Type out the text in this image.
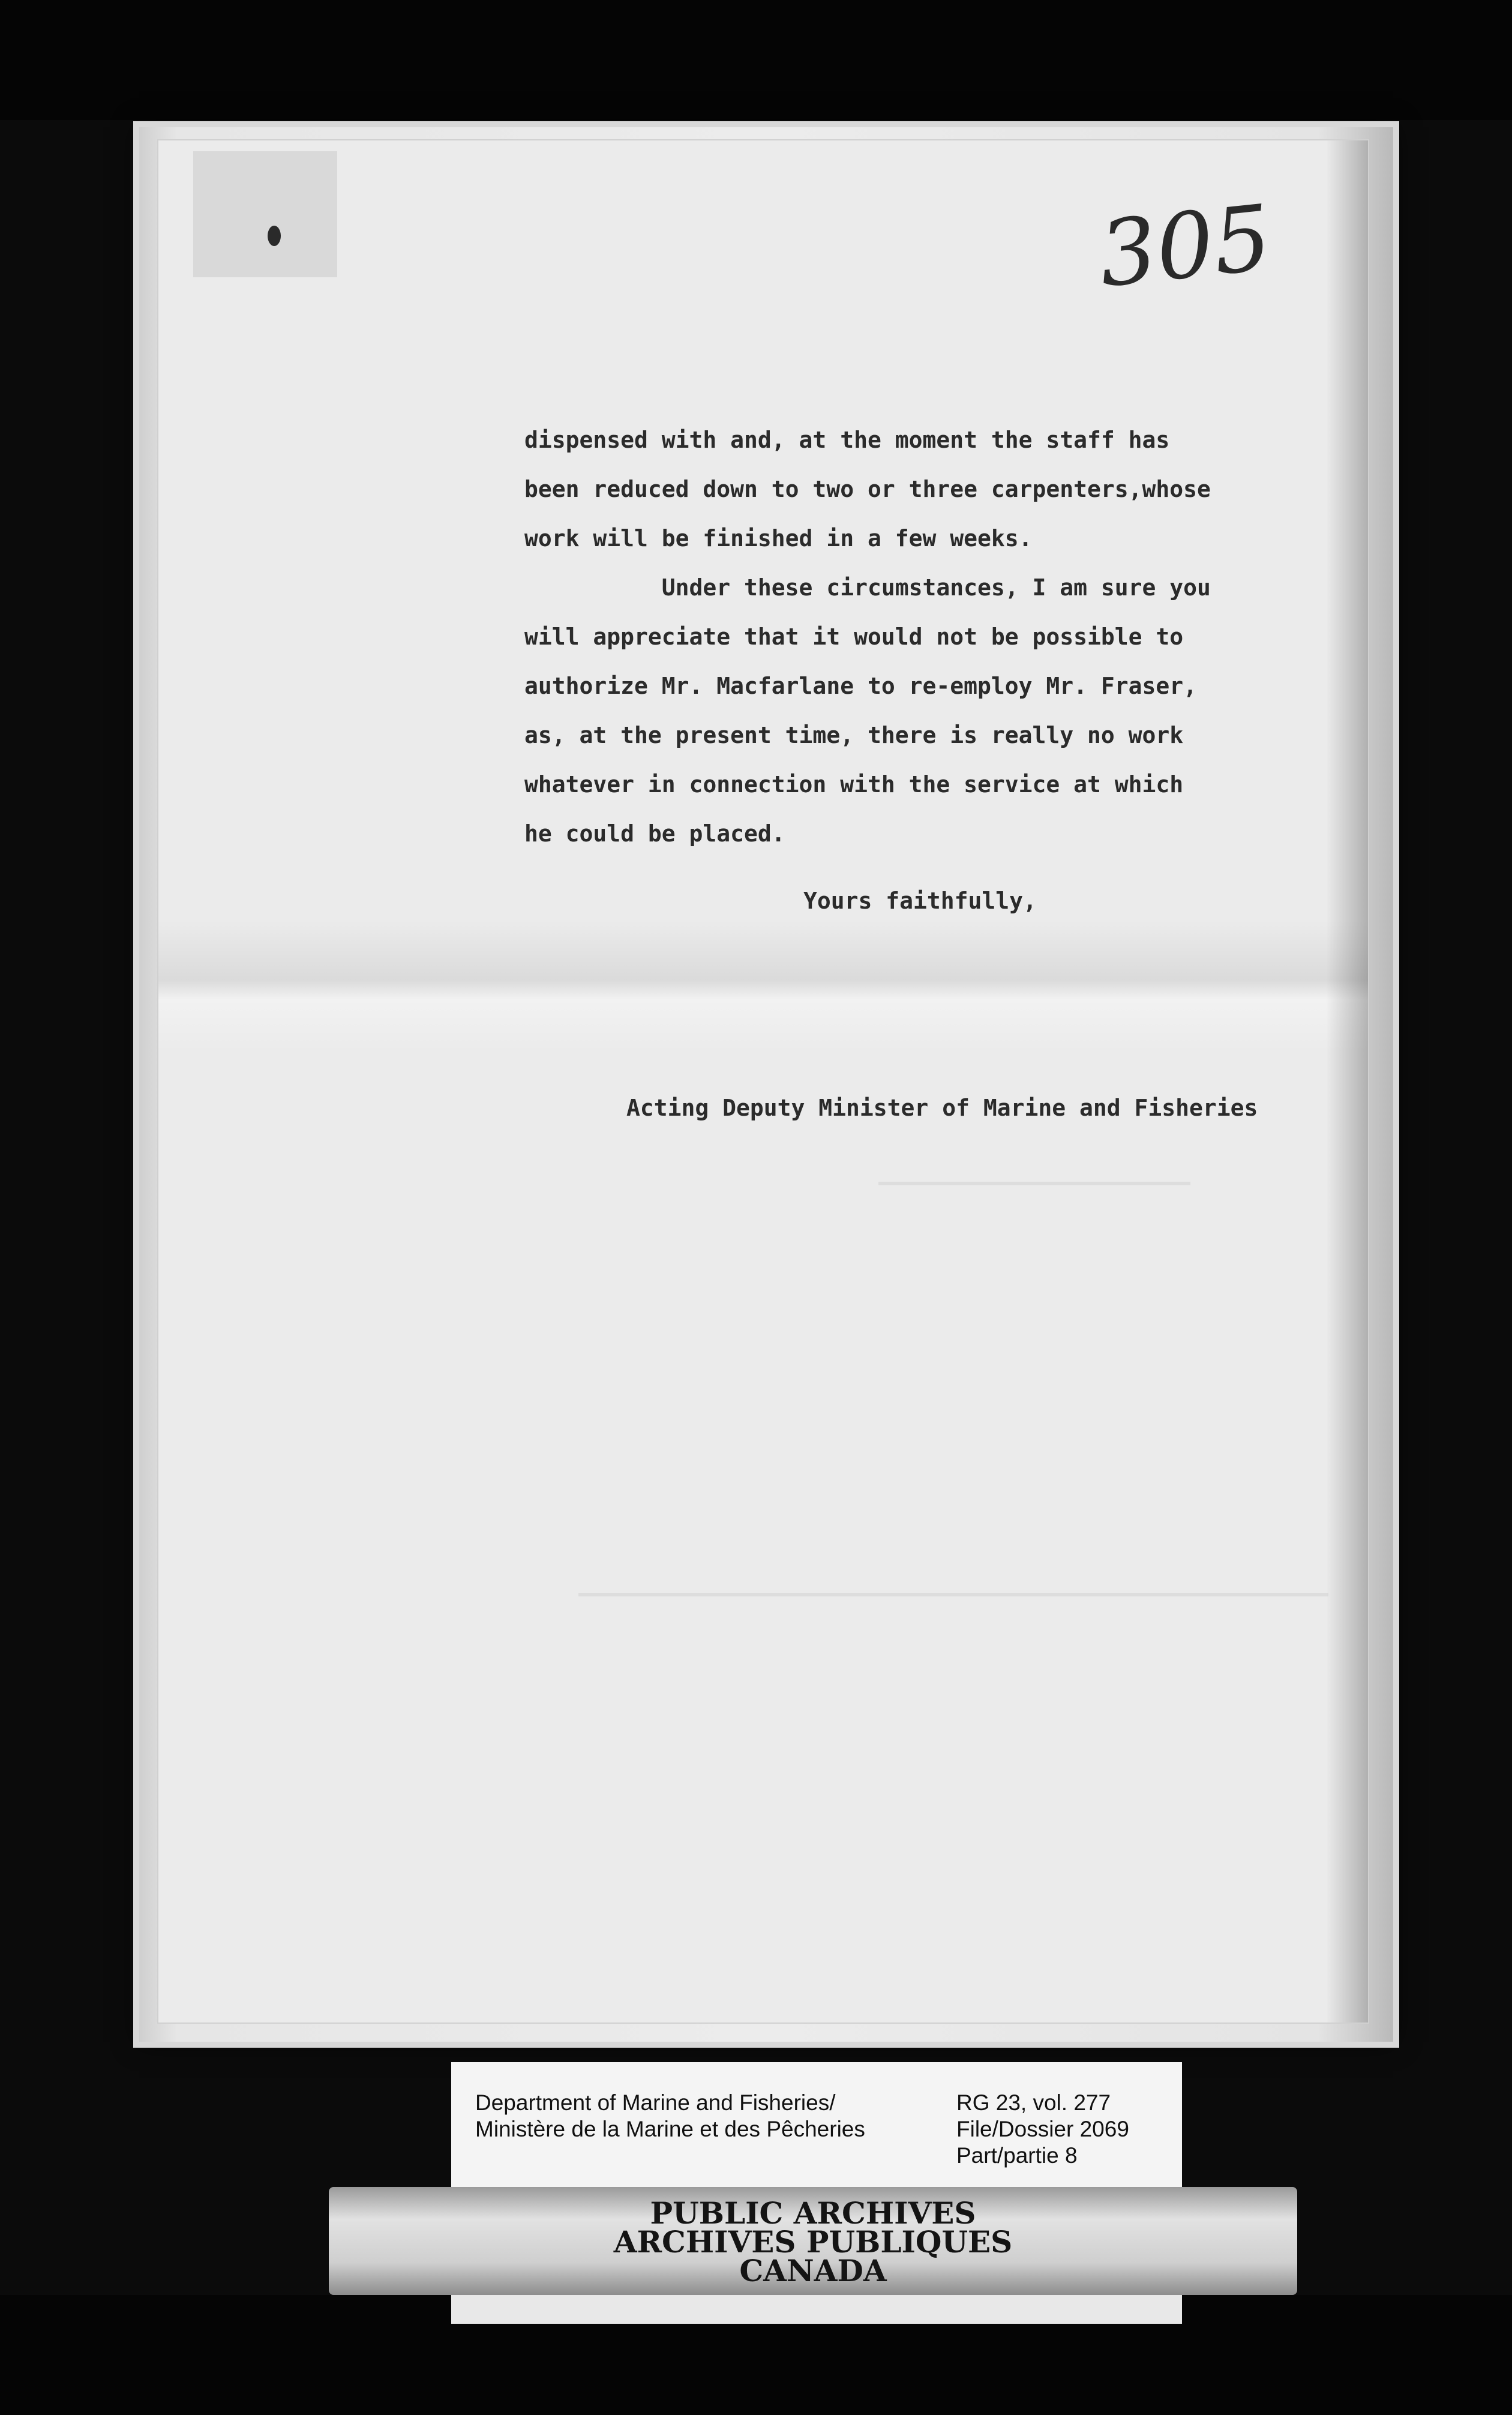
305
dispensed with and, at the moment the staff has
been reduced down to two or three carpenters,whose
work will be finished in a few weeks.
Under these circumstances, I am sure you
will appreciate that it would not be possible to
authorize Mr. Macfarlane to re-employ Mr. Fraser,
as, at the present time, there is really no work
whatever in connection with the service at which
he could be placed.
Yours faithfully,
Acting Deputy Minister of Marine and Fisheries
Department of Marine and Fisheries/
Ministère de la Marine et des Pêcheries
RG 23, vol. 277
File/Dossier 2069
Part/partie 8
PUBLIC ARCHIVES
ARCHIVES PUBLIQUES
CANADA
